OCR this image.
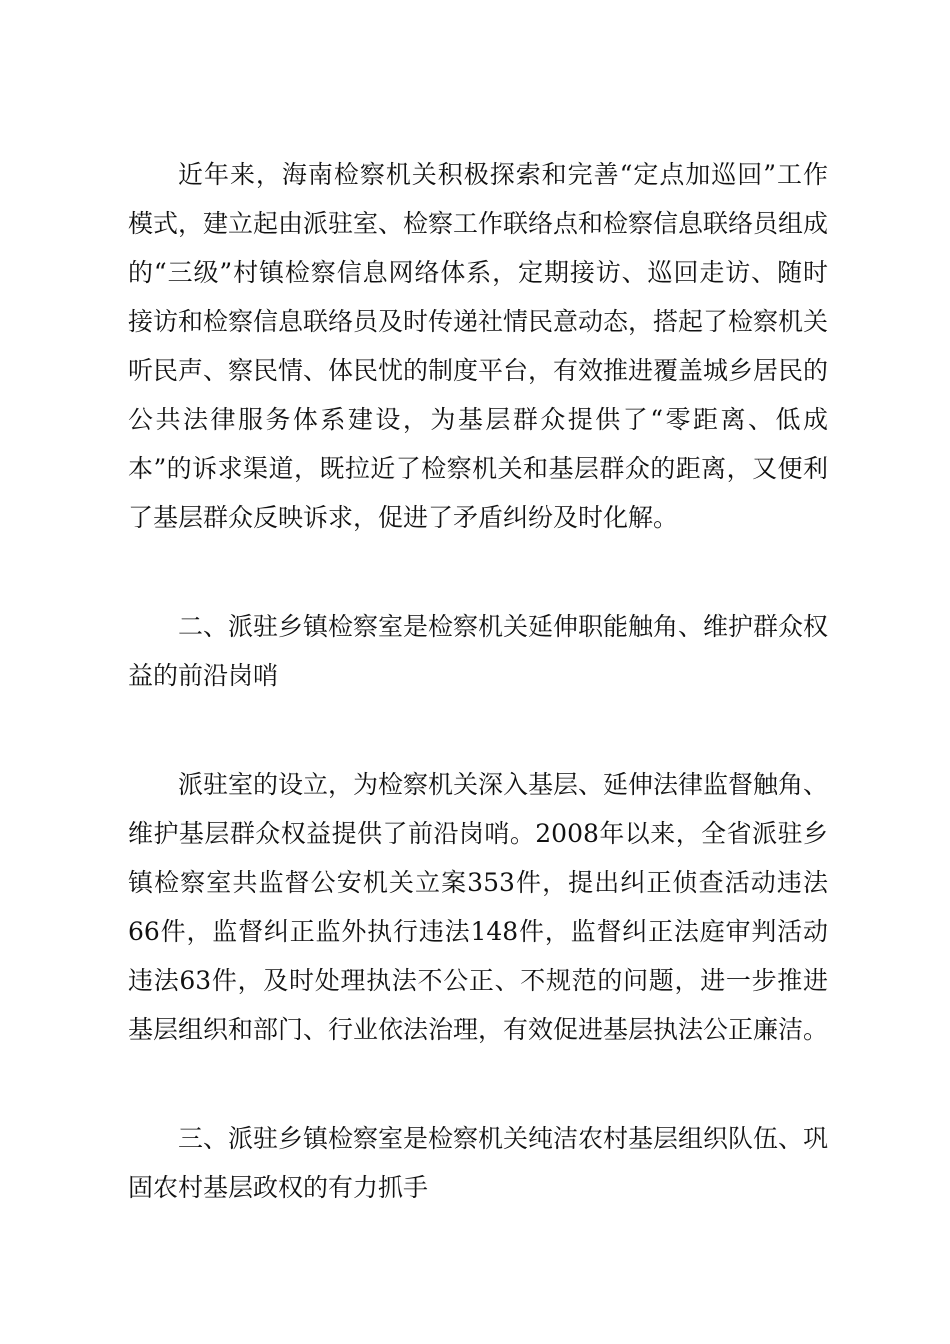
近年来，海南检察机关积极探索和完善“定点加巡回”工作模式，建立起由派驻室、检察工作联络点和检察信息联络员组成的“三级”村镇检察信息网络体系，定期接访、巡回走访、随时接访和检察信息联络员及时传递社情民意动态，搭起了检察机关听民声、察民情、体民忧的制度平台，有效推进覆盖城乡居民的公共法律服务体系建设，为基层群众提供了“零距离、低成本”的诉求渠道，既拉近了检察机关和基层群众的距离，又便利了基层群众反映诉求，促进了矛盾纠纷及时化解。

二、派驻乡镇检察室是检察机关延伸职能触角、维护群众权益的前沿岗哨

派驻室的设立，为检察机关深入基层、延伸法律监督触角、维护基层群众权益提供了前沿岗哨。2008年以来，全省派驻乡镇检察室共监督公安机关立案353件，提出纠正侦查活动违法66件，监督纠正监外执行违法148件，监督纠正法庭审判活动违法63件，及时处理执法不公正、不规范的问题，进一步推进基层组织和部门、行业依法治理，有效促进基层执法公正廉洁。

三、派驻乡镇检察室是检察机关纯洁农村基层组织队伍、巩固农村基层政权的有力抓手
